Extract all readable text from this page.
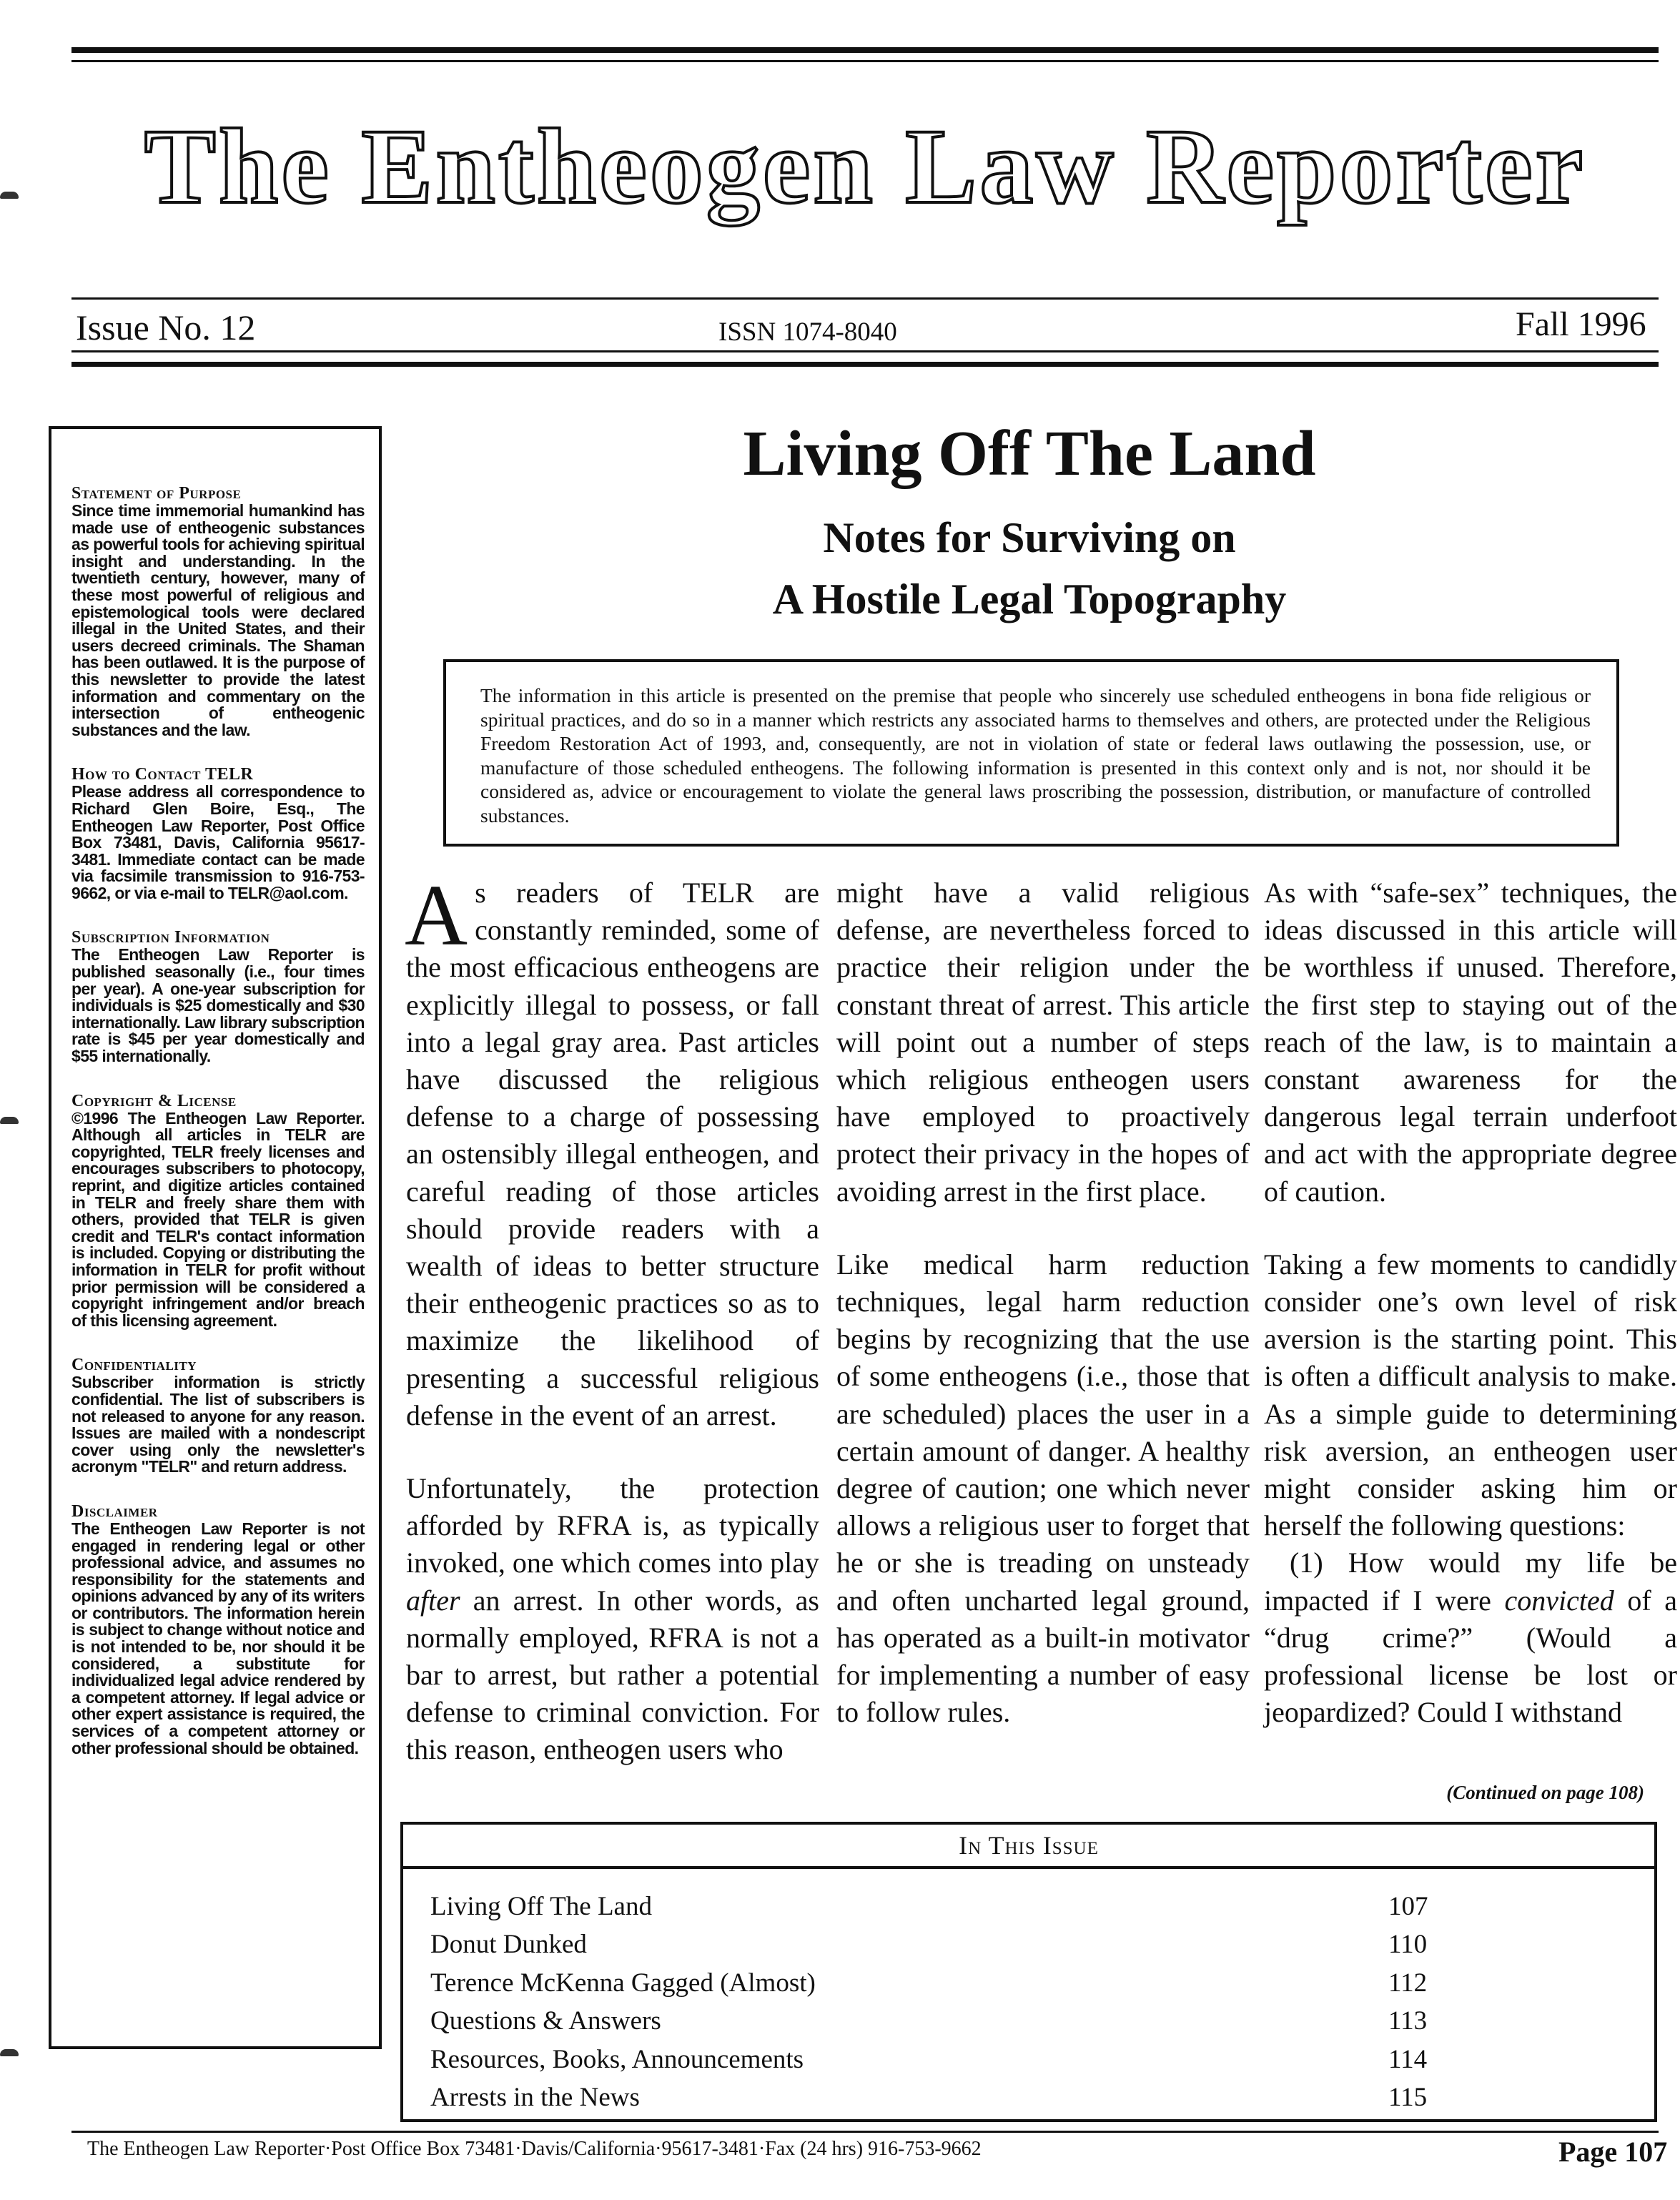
The Entheogen Law Reporter
Issue No. 12	ISSN 1074-8040	Fall 1996
Statement of Purpose
Since time immemorial humankind has made use of entheogenic substances as powerful tools for achieving spiritual insight and understanding. In the twentieth century, however, many of these most powerful of religious and epistemological tools were declared illegal in the United States, and their users decreed criminals. The Shaman has been outlawed. It is the purpose of this newsletter to provide the latest information and commentary on the intersection of entheogenic substances and the law.
How to Contact TELR
Please address all correspondence to Richard Glen Boire, Esq., The Entheogen Law Reporter, Post Office Box 73481, Davis, California 95617-3481. Immediate contact can be made via facsimile transmission to 916-753-9662, or via e-mail to TELR@aol.com.
Subscription Information
The Entheogen Law Reporter is published seasonally (i.e., four times per year). A one-year subscription for individuals is $25 domestically and $30 internationally. Law library subscription rate is $45 per year domestically and $55 internationally.
Copyright & License
©1996 The Entheogen Law Reporter. Although all articles in TELR are copyrighted, TELR freely licenses and encourages subscribers to photocopy, reprint, and digitize articles contained in TELR and freely share them with others, provided that TELR is given credit and TELR's contact information is included. Copying or distributing the information in TELR for profit without prior permission will be considered a copyright infringement and/or breach of this licensing agreement.
Confidentiality
Subscriber information is strictly confidential. The list of subscribers is not released to anyone for any reason. Issues are mailed with a nondescript cover using only the newsletter's acronym "TELR" and return address.
Disclaimer
The Entheogen Law Reporter is not engaged in rendering legal or other professional advice, and assumes no responsibility for the statements and opinions advanced by any of its writers or contributors. The information herein is subject to change without notice and is not intended to be, nor should it be considered, a substitute for individualized legal advice rendered by a competent attorney. If legal advice or other expert assistance is required, the services of a competent attorney or other professional should be obtained.
Living Off The Land
Notes for Surviving on
A Hostile Legal Topography
The information in this article is presented on the premise that people who sincerely use scheduled entheogens in bona fide religious or spiritual practices, and do so in a manner which restricts any associated harms to themselves and others, are protected under the Religious Freedom Restoration Act of 1993, and, consequently, are not in violation of state or federal laws outlawing the possession, use, or manufacture of those scheduled entheogens. The following information is presented in this context only and is not, nor should it be considered as, advice or encouragement to violate the general laws proscribing the possession, distribution, or manufacture of controlled substances.

As readers of TELR are constantly reminded, some of the most efficacious entheogens are explicitly illegal to possess, or fall into a legal gray area. Past articles have discussed the religious defense to a charge of possessing an ostensibly illegal entheogen, and careful reading of those articles should provide readers with a wealth of ideas to better structure their entheogenic practices so as to maximize the likelihood of presenting a successful religious defense in the event of an arrest.

Unfortunately, the protection afforded by RFRA is, as typically invoked, one which comes into play after an arrest. In other words, as normally employed, RFRA is not a bar to arrest, but rather a potential defense to criminal conviction. For this reason, entheogen users who

might have a valid religious defense, are nevertheless forced to practice their religion under the constant threat of arrest. This article will point out a number of steps which religious entheogen users have employed to proactively protect their privacy in the hopes of avoiding arrest in the first place.

Like medical harm reduction techniques, legal harm reduction begins by recognizing that the use of some entheogens (i.e., those that are scheduled) places the user in a certain amount of danger. A healthy degree of caution; one which never allows a religious user to forget that he or she is treading on unsteady and often uncharted legal ground, has operated as a built-in motivator for implementing a number of easy to follow rules.

As with “safe-sex” techniques, the ideas discussed in this article will be worthless if unused. Therefore, the first step to staying out of the reach of the law, is to maintain a constant awareness for the dangerous legal terrain underfoot and act with the appropriate degree of caution.

Taking a few moments to candidly consider one’s own level of risk aversion is the starting point. This is often a difficult analysis to make. As a simple guide to determining risk aversion, an entheogen user might consider asking him or herself the following questions:

(1) How would my life be impacted if I were convicted of a “drug crime?” (Would a professional license be lost or jeopardized? Could I withstand

(Continued on page 108)
In This Issue
Living Off The Land	107
Donut Dunked	110
Terence McKenna Gagged (Almost)	112
Questions & Answers	113
Resources, Books, Announcements	114
Arrests in the News	115
The Entheogen Law Reporter·Post Office Box 73481·Davis/California·95617-3481·Fax (24 hrs) 916-753-9662	Page 107
